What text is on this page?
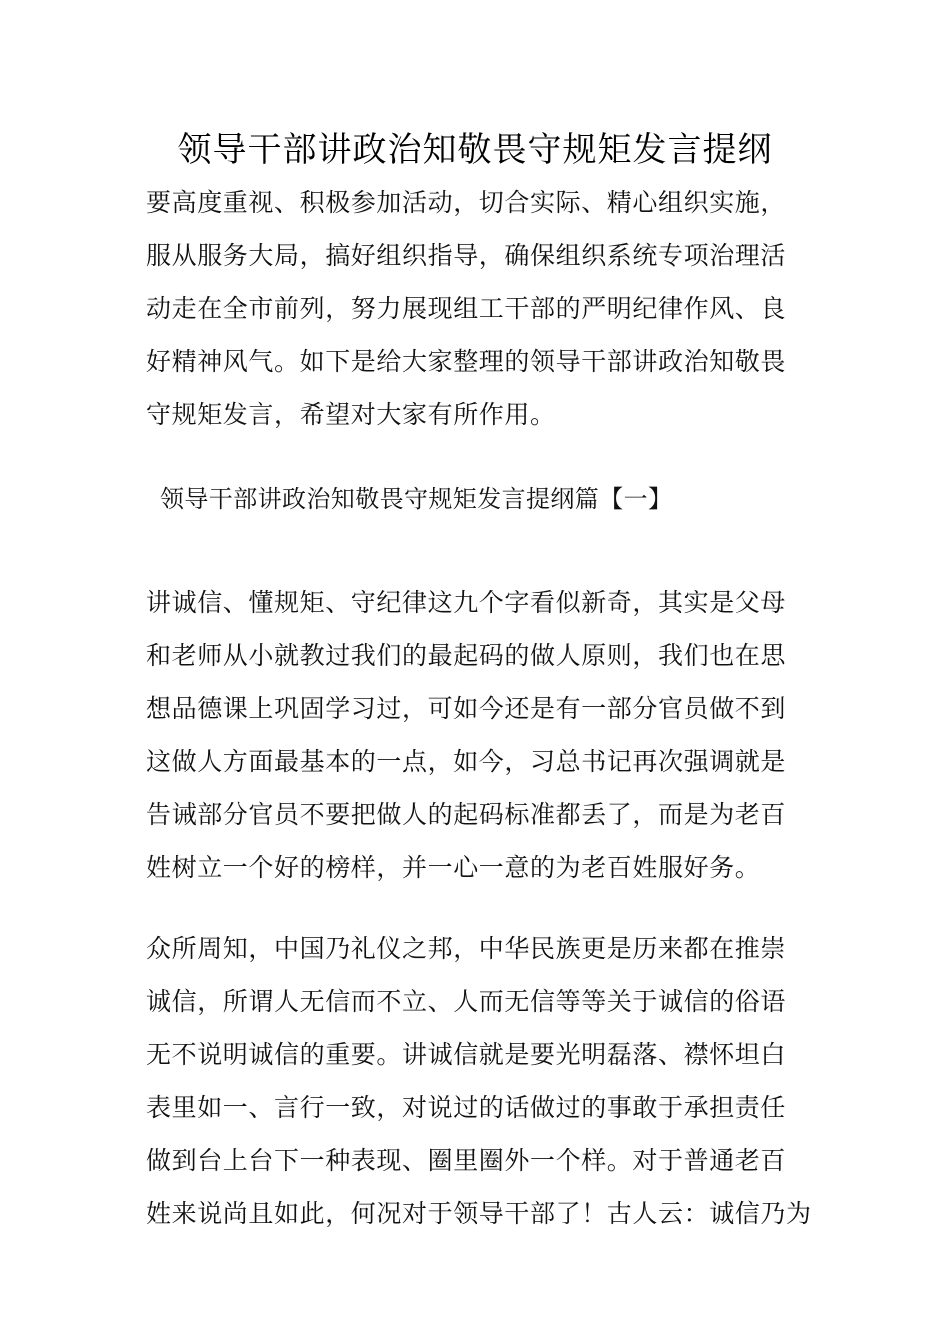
领导干部讲政治知敬畏守规矩发言提纲
要高度重视、积极参加活动，切合实际、精心组织实施，
服从服务大局，搞好组织指导，确保组织系统专项治理活
动走在全市前列，努力展现组工干部的严明纪律作风、良
好精神风气。如下是给大家整理的领导干部讲政治知敬畏
守规矩发言，希望对大家有所作用。
领导干部讲政治知敬畏守规矩发言提纲篇【一】
讲诚信、懂规矩、守纪律这九个字看似新奇，其实是父母
和老师从小就教过我们的最起码的做人原则，我们也在思
想品德课上巩固学习过，可如今还是有一部分官员做不到
这做人方面最基本的一点，如今，习总书记再次强调就是
告诫部分官员不要把做人的起码标准都丢了，而是为老百
姓树立一个好的榜样，并一心一意的为老百姓服好务。
众所周知，中国乃礼仪之邦，中华民族更是历来都在推崇
诚信，所谓人无信而不立、人而无信等等关于诚信的俗语
无不说明诚信的重要。讲诚信就是要光明磊落、襟怀坦白
表里如一、言行一致，对说过的话做过的事敢于承担责任
做到台上台下一种表现、圈里圈外一个样。对于普通老百
姓来说尚且如此，何况对于领导干部了！古人云：诚信乃为
